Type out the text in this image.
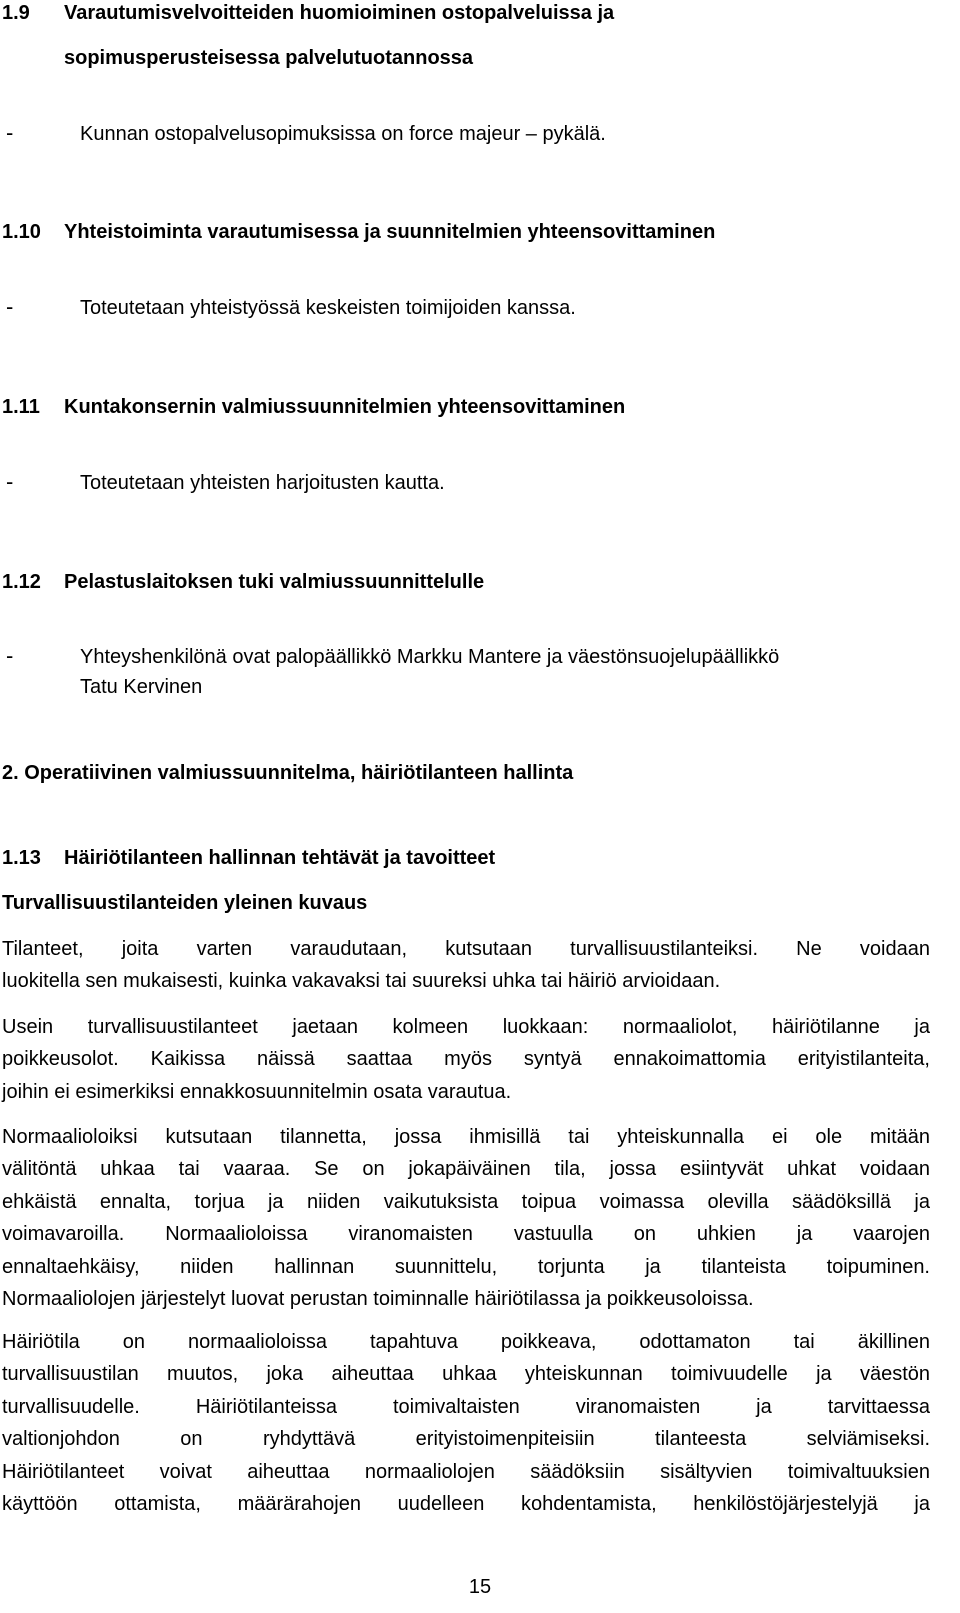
1.9 Varautumisvelvoitteiden huomioiminen ostopalveluissa ja
sopimusperusteisessa palvelutuotannossa
-	Kunnan ostopalvelusopimuksissa on force majeur – pykälä.
1.10 Yhteistoiminta varautumisessa ja suunnitelmien yhteensovittaminen
-	Toteutetaan yhteistyössä keskeisten toimijoiden kanssa.
1.11 Kuntakonsernin valmiussuunnitelmien yhteensovittaminen
-	Toteutetaan yhteisten harjoitusten kautta.
1.12 Pelastuslaitoksen tuki valmiussuunnittelulle
-	Yhteyshenkilönä ovat palopäällikkö Markku Mantere ja väestönsuojelupäällikkö
Tatu Kervinen
2. Operatiivinen valmiussuunnitelma, häiriötilanteen hallinta
1.13 Häiriötilanteen hallinnan tehtävät ja tavoitteet
Turvallisuustilanteiden yleinen kuvaus
Tilanteet, joita varten varaudutaan, kutsutaan turvallisuustilanteiksi. Ne voidaan
luokitella sen mukaisesti, kuinka vakavaksi tai suureksi uhka tai häiriö arvioidaan.
Usein turvallisuustilanteet jaetaan kolmeen luokkaan: normaaliolot, häiriötilanne ja
poikkeusolot. Kaikissa näissä saattaa myös syntyä ennakoimattomia erityistilanteita,
joihin ei esimerkiksi ennakkosuunnitelmin osata varautua.
Normaalioloiksi kutsutaan tilannetta, jossa ihmisillä tai yhteiskunnalla ei ole mitään
välitöntä uhkaa tai vaaraa. Se on jokapäiväinen tila, jossa esiintyvät uhkat voidaan
ehkäistä ennalta, torjua ja niiden vaikutuksista toipua voimassa olevilla säädöksillä ja
voimavaroilla. Normaalioloissa viranomaisten vastuulla on uhkien ja vaarojen
ennaltaehkäisy, niiden hallinnan suunnittelu, torjunta ja tilanteista toipuminen.
Normaaliolojen järjestelyt luovat perustan toiminnalle häiriötilassa ja poikkeusoloissa.
Häiriötila on normaalioloissa tapahtuva poikkeava, odottamaton tai äkillinen
turvallisuustilan muutos, joka aiheuttaa uhkaa yhteiskunnan toimivuudelle ja väestön
turvallisuudelle. Häiriötilanteissa toimivaltaisten viranomaisten ja tarvittaessa
valtionjohdon on ryhdyttävä erityistoimenpiteisiin tilanteesta selviämiseksi.
Häiriötilanteet voivat aiheuttaa normaaliolojen säädöksiin sisältyvien toimivaltuuksien
käyttöön ottamista, määrärahojen uudelleen kohdentamista, henkilöstöjärjestelyjä ja
15
